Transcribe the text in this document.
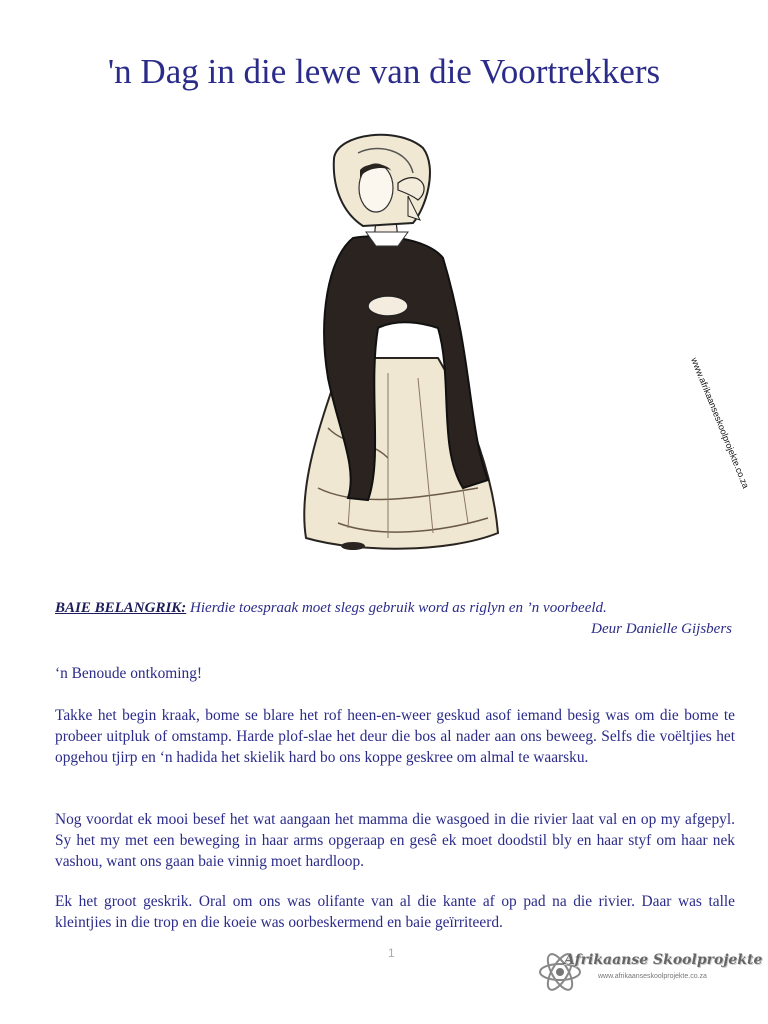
'n Dag in die lewe van die Voortrekkers
www.afrikaanseskoolprojekte.co.za
BAIE BELANGRIK: Hierdie toespraak moet slegs gebruik word as riglyn en ’n voorbeeld.
Deur Danielle Gijsbers

‘n Benoude ontkoming!

Takke het begin kraak, bome se blare het rof heen-en-weer geskud asof iemand besig was om die bome te probeer uitpluk of omstamp. Harde plof-slae het deur die bos al nader aan ons beweeg. Selfs die voëltjies het opgehou tjirp en ‘n hadida het skielik hard bo ons koppe geskree om almal te waarsku.

Nog voordat ek mooi besef het wat aangaan het mamma die wasgoed in die rivier laat val en op my afgepyl. Sy het my met een beweging in haar arms opgeraap en gesê ek moet doodstil bly en haar styf om haar nek vashou, want ons gaan baie vinnig moet hardloop.

Ek het groot geskrik. Oral om ons was olifante van al die kante af op pad na die rivier. Daar was talle kleintjies in die trop en die koeie was oorbeskermend en baie geïrriteerd.

1	Afrikaanse Skoolprojekte
www.afrikaanseskoolprojekte.co.za
